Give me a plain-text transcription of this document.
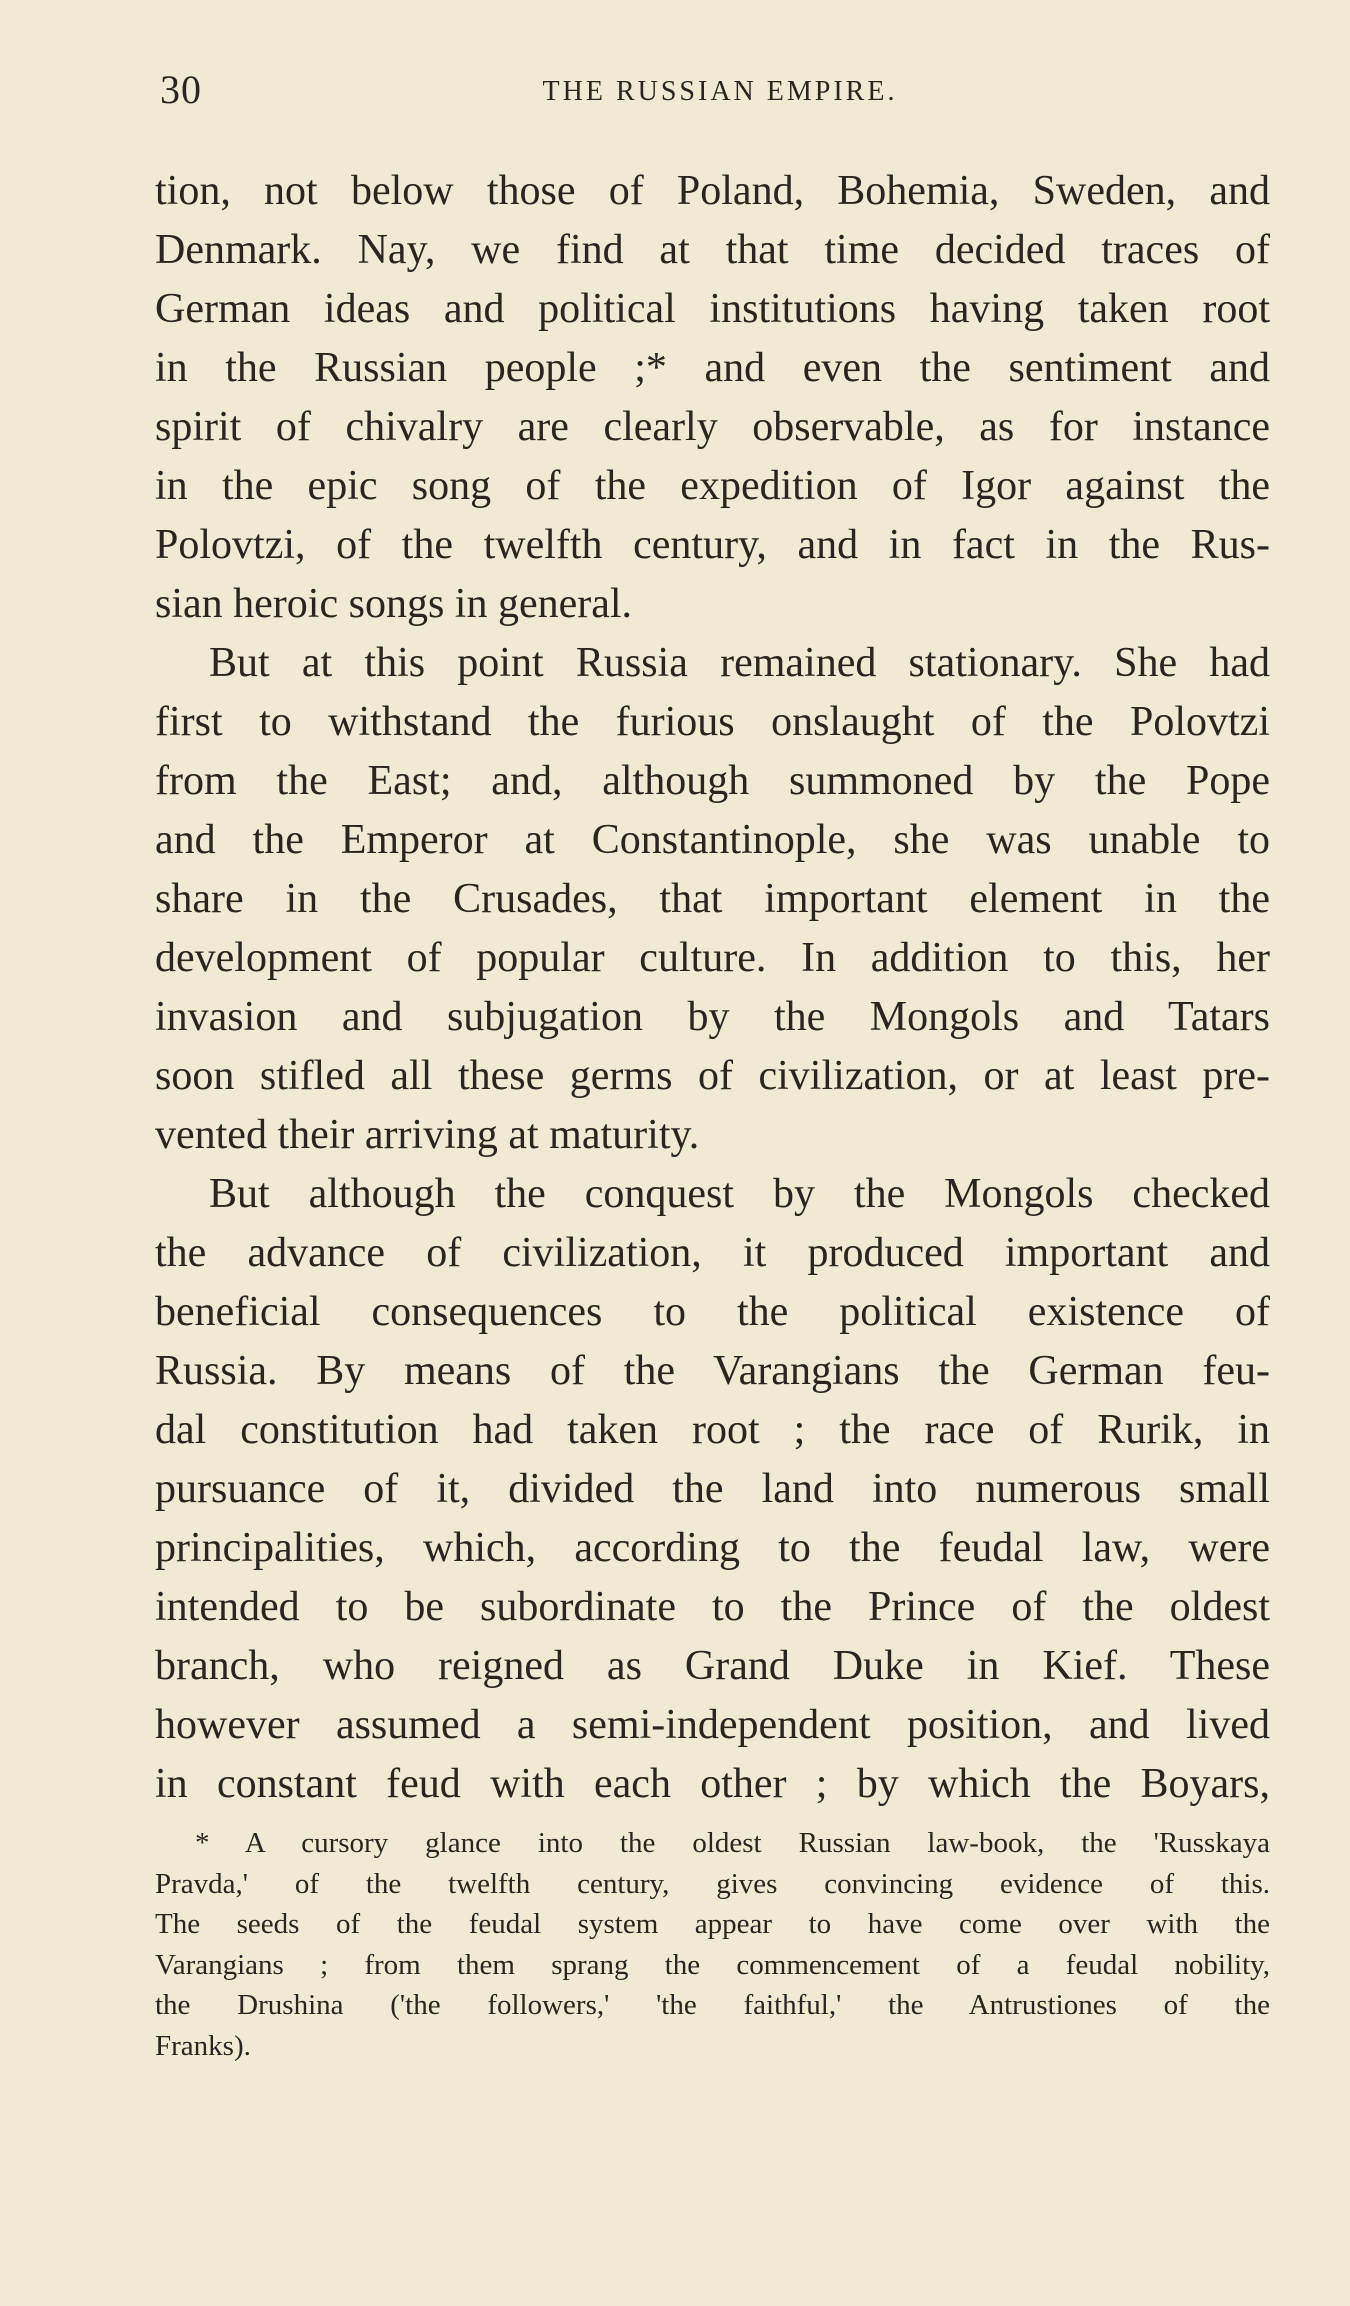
30	THE RUSSIAN EMPIRE.
tion, not below those of Poland, Bohemia, Sweden, and
Denmark. Nay, we find at that time decided traces of
German ideas and political institutions having taken root
in the Russian people ;* and even the sentiment and
spirit of chivalry are clearly observable, as for instance
in the epic song of the expedition of Igor against the
Polovtzi, of the twelfth century, and in fact in the Rus-
sian heroic songs in general.
But at this point Russia remained stationary. She had
first to withstand the furious onslaught of the Polovtzi
from the East; and, although summoned by the Pope
and the Emperor at Constantinople, she was unable to
share in the Crusades, that important element in the
development of popular culture. In addition to this, her
invasion and subjugation by the Mongols and Tatars
soon stifled all these germs of civilization, or at least pre-
vented their arriving at maturity.
But although the conquest by the Mongols checked
the advance of civilization, it produced important and
beneficial consequences to the political existence of
Russia. By means of the Varangians the German feu-
dal constitution had taken root ; the race of Rurik, in
pursuance of it, divided the land into numerous small
principalities, which, according to the feudal law, were
intended to be subordinate to the Prince of the oldest
branch, who reigned as Grand Duke in Kief. These
however assumed a semi-independent position, and lived
in constant feud with each other ; by which the Boyars,
* A cursory glance into the oldest Russian law-book, the 'Russkaya
Pravda,' of the twelfth century, gives convincing evidence of this.
The seeds of the feudal system appear to have come over with the
Varangians ; from them sprang the commencement of a feudal nobility,
the Drushina ('the followers,' 'the faithful,' the Antrustiones of the
Franks).
